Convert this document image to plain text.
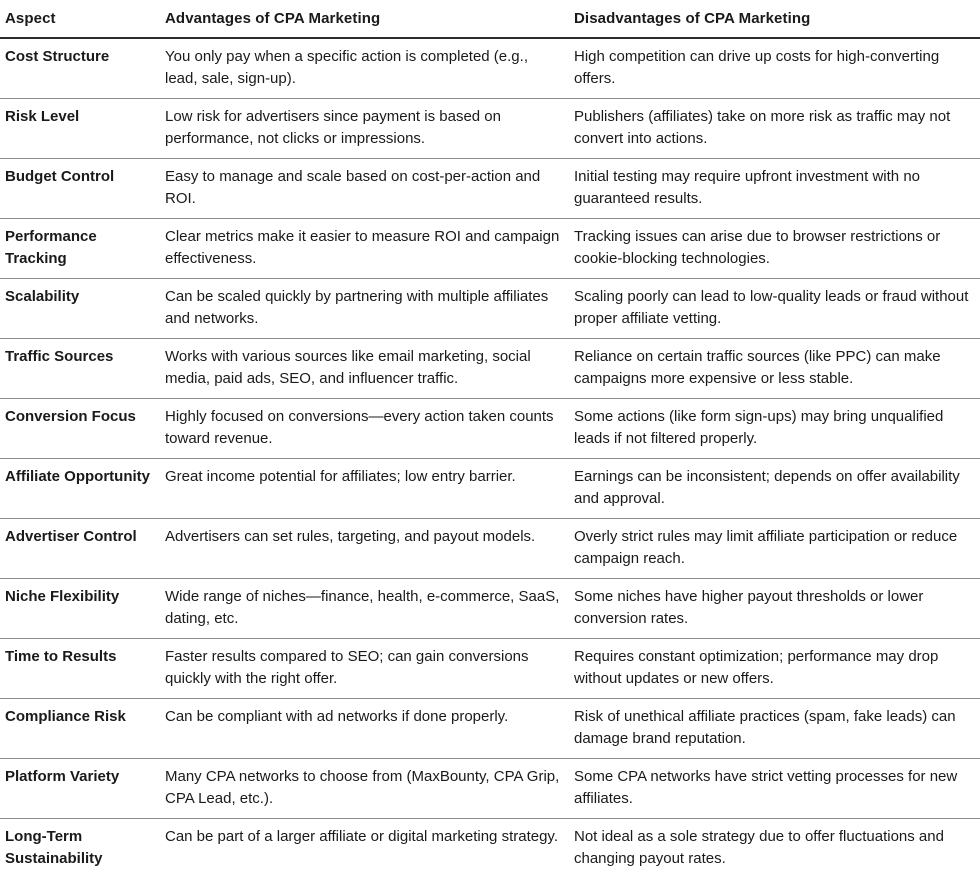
Aspect	Advantages of CPA Marketing	Disadvantages of CPA Marketing

Cost Structure	You only pay when a specific action is completed (e.g., lead, sale, sign-up).	High competition can drive up costs for high-converting offers.

Risk Level	Low risk for advertisers since payment is based on performance, not clicks or impressions.	Publishers (affiliates) take on more risk as traffic may not convert into actions.

Budget Control	Easy to manage and scale based on cost-per-action and ROI.	Initial testing may require upfront investment with no guaranteed results.

Performance Tracking	Clear metrics make it easier to measure ROI and campaign effectiveness.	Tracking issues can arise due to browser restrictions or cookie-blocking technologies.

Scalability	Can be scaled quickly by partnering with multiple affiliates and networks.	Scaling poorly can lead to low-quality leads or fraud without proper affiliate vetting.

Traffic Sources	Works with various sources like email marketing, social media, paid ads, SEO, and influencer traffic.	Reliance on certain traffic sources (like PPC) can make campaigns more expensive or less stable.

Conversion Focus	Highly focused on conversions—every action taken counts toward revenue.	Some actions (like form sign-ups) may bring unqualified leads if not filtered properly.

Affiliate Opportunity	Great income potential for affiliates; low entry barrier.	Earnings can be inconsistent; depends on offer availability and approval.

Advertiser Control	Advertisers can set rules, targeting, and payout models.	Overly strict rules may limit affiliate participation or reduce campaign reach.

Niche Flexibility	Wide range of niches—finance, health, e-commerce, SaaS, dating, etc.	Some niches have higher payout thresholds or lower conversion rates.

Time to Results	Faster results compared to SEO; can gain conversions quickly with the right offer.	Requires constant optimization; performance may drop without updates or new offers.

Compliance Risk	Can be compliant with ad networks if done properly.	Risk of unethical affiliate practices (spam, fake leads) can damage brand reputation.

Platform Variety	Many CPA networks to choose from (MaxBounty, CPA Grip, CPA Lead, etc.).	Some CPA networks have strict vetting processes for new affiliates.

Long-Term Sustainability	Can be part of a larger affiliate or digital marketing strategy.	Not ideal as a sole strategy due to offer fluctuations and changing payout rates.
